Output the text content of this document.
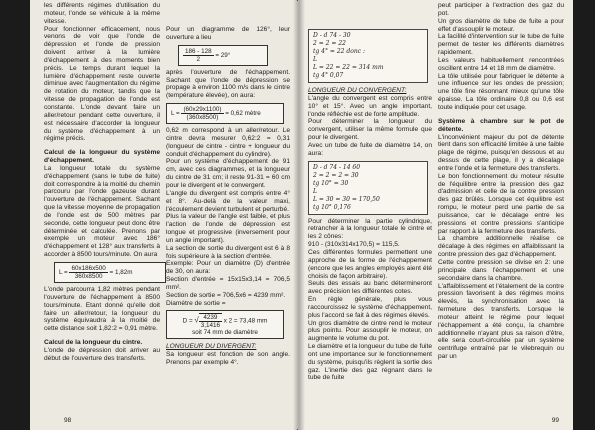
les différents régimes d'utilisation du moteur, l'onde se véhicule à la même vitesse.

Pour fonctionner efficacement, nous venons de voir que l'onde de dépression et l'onde de pression doivent arriver à la lumière d'échappement à des moments bien précis. Le temps durant lequel la lumière d'échappement reste ouverte diminue avec l'augmentation du régime de rotation du moteur, tandis que la vitesse de propagation de l'onde est constante. L'onde devant faire un aller/retour pendant cette ouverture, il est nécessaire d'accorder la longueur du système d'échappement à un régime précis.

Calcul de la longueur du système d'échappement.

La longueur totale du système d'échappement (sans le tube de fuite) doit correspondre à la moitié du chemin parcouru par l'onde gazeuse durant l'ouverture de l'échappement. Sachant que la vitesse moyenne de propagation de l'onde est de 500 mètres par seconde, cette longueur peut donc être déterminée et calculée. Prenons par exemple un moteur avec 186° d'échappement et 128° aux transferts à accorder à 8500 tours/minute. On aura

$L = \frac{60x186x500}{360x8500} = 1,82m$

L'onde parcourra 1,82 mètres pendant l'ouverture de l'échappement à 8500 tours/minute. Etant donné qu'elle doit faire un aller/retour, la longueur du système équivaudra à la moitié de cette distance soit 1,82:2 = 0,91 mètre.

Calcul de la longueur du cintre.

L'onde de dépression doit arriver au début de l'ouverture des transferts.

Pour un diagramme de 126°, leur ouverture a lieu

$\frac{186 - 128}{2} = 29^\circ$

après l'ouverture de l'échappement. Sachant que l'onde de dépression se propage à environ 1100 m/s dans le cintre (température élevée), on aura:

$L = \frac{(60x29x1100)}{(360x8500)} = 0,62$ mètre

0,62 m correspond à un aller/retour. Le cintre devra mesurer 0,62:2 = 0,31 (longueur de cintre - cintre + longueur du conduit d'échappement du cylindre).

Pour un système d'échappement de 91 cm, avec ces diagrammes, et la longueur du cintre de 31 cm; il reste 91-31 = 60 cm pour le divergent et le convergent.

L'angle du divergent est compris entre 4° et 8°. Au-delà de la valeur maxi, l'écoulement devient turbulent et perturbé.

Plus la valeur de l'angle est faible, et plus l'action de l'onde de dépression est longue et progressive (inversement pour un angle important).

La section de sortie du divergent est 6 à 8 fois supérieure à la section d'entrée.

Exemple: Pour un diamètre (D) d'entrée de 30, on aura:

Section d'entrée = 15x15x3,14 = 706,5 mm².

Section de sortie = 706,5x6 = 4239 mm².

Diamètre de sortie =

D = √ $\frac{4239}{3,1416}$ x 2 = 73,48 mm
soit 74 mm de diamètre

LONGUEUR DU DIVERGENT:

Sa longueur est fonction de son angle. Prenons par exemple 4°.

98
D - d 74 - 30
2 = 2 = 22
tg 4° = 22 donc :
L
L = 22 = 22 = 314 mm
tg 4° 0,07

LONGUEUR DU CONVERGENT:

L'angle du convergent est compris entre 10° et 15°. Avec un angle important, l'onde réfléchie est de forte amplitude.

Pour déterminer la longueur du convergent, utiliser la même formule que pour le divergent.

Avec un tube de fuite de diamètre 14, on aura:

D - d 74 - 14 60
2 = 2 = 2 = 30
tg 10° = 30
L
L = 30 = 30 = 170,50
tg 10° 0,176

Pour déterminer la partie cylindrique, retrancher à la longueur totale le cintre et les 2 cônes:

910 - (310x314x170,5) = 115,5.

Ces différentes formules permettent une approche de la forme de l'échappement (encore que les angles employés aient été choisis de façon arbitraire).

Seuls des essais au banc détermineront avec précision les différentes cotes.

En règle générale, plus vous raccourcissez le système d'échappement, plus l'accord se fait à des régimes élevés.

Un gros diamètre de cintre rend le moteur plus pointu. Pour assouplir le moteur, on augmente le volume du pot.

Le diamètre et la longueur du tube de fuite ont une importance sur le fonctionnement du système, puisqu'ils règlent la sortie des gaz. L'inertie des gaz régnant dans le tube de fuite

peut participer à l'extraction des gaz du pot.

Un gros diamètre de tube de fuite a pour effet d'assouplir le moteur.

La facilité d'intervention sur le tube de fuite permet de tester les différents diamètres rapidement.

Les valeurs habituellement rencontrées oscillent entre 14 et 18 mm de diamètre.

La tôle utilisée pour fabriquer le détente a une influence sur les ondes de pression; une tôle fine résonnant mieux qu'une tôle épaisse. La tôle ordinaire 0,8 ou 0,6 est toute indiquée pour cet usage.

Système à chambre sur le pot de détente.

L'inconvénient majeur du pot de détente tient dans son efficacité limitée à une faible plage de régime, puisqu'en dessous et au dessus de cette plage, il y a décalage entre l'onde et la fermeture des transferts.

Le bon fonctionnement du moteur résulte de l'équilibre entre la pression des gaz d'admission et celle de la contre pression des gaz brûlés. Lorsque cet équilibre est rompu, le moteur perd une partie de sa puissance, car le décalage entre les pressions et contre pressions s'anticipe par rapport à la fermeture des transferts.

La chambre additionnelle réalise ce décalage à des régimes en affaiblissant la contre pression des gaz d'échappement.

Cette contre pression se divise en 2: une principale dans l'échappement et une secondaire dans la chambre.

L'affaiblissement et l'étalement de la contre pression favorisent à des régimes moins élevés, la synchronisation avec la fermeture des transferts. Lorsque le moteur atteint le régime pour lequel l'échappement a été conçu, la chambre additionnelle n'ayant plus sa raison d'être, elle sera court-circuitée par un système centrifuge entraîné par le vilebrequin ou par un

99
